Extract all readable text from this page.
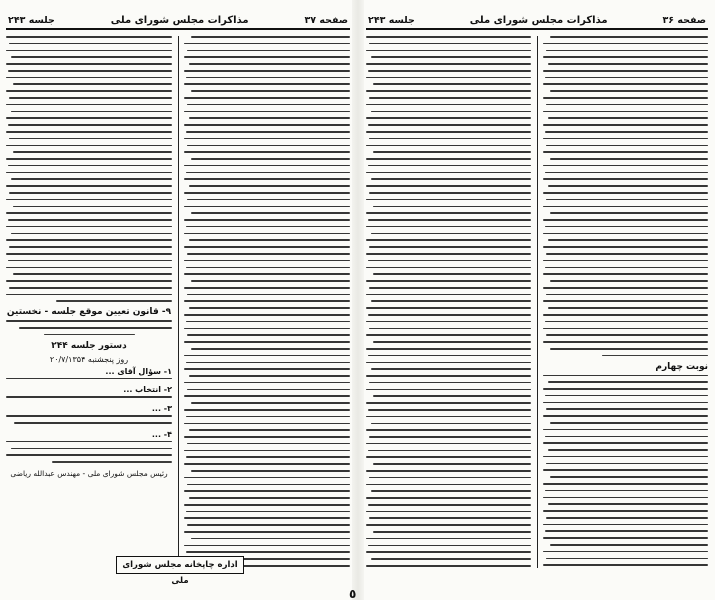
صفحه ۳۷
مذاکرات مجلس شورای ملی
جلسه ۲۴۳
۹- قانون تعیین موقع جلسه - نخستین
دستور جلسه ۲۴۴
روز پنجشنبه ۲۰/۷/۱۳۵۴
۱- سؤال آقای ...
۲- انتخاب ...
۳- ...
۴- ...
رئیس مجلس شورای ملی - مهندس عبدالله ریاضی
صفحه ۳۶
مذاکرات مجلس شورای ملی
جلسه ۲۴۳
نوبت چهارم
اداره چاپخانه مجلس شورای ملی
٥
